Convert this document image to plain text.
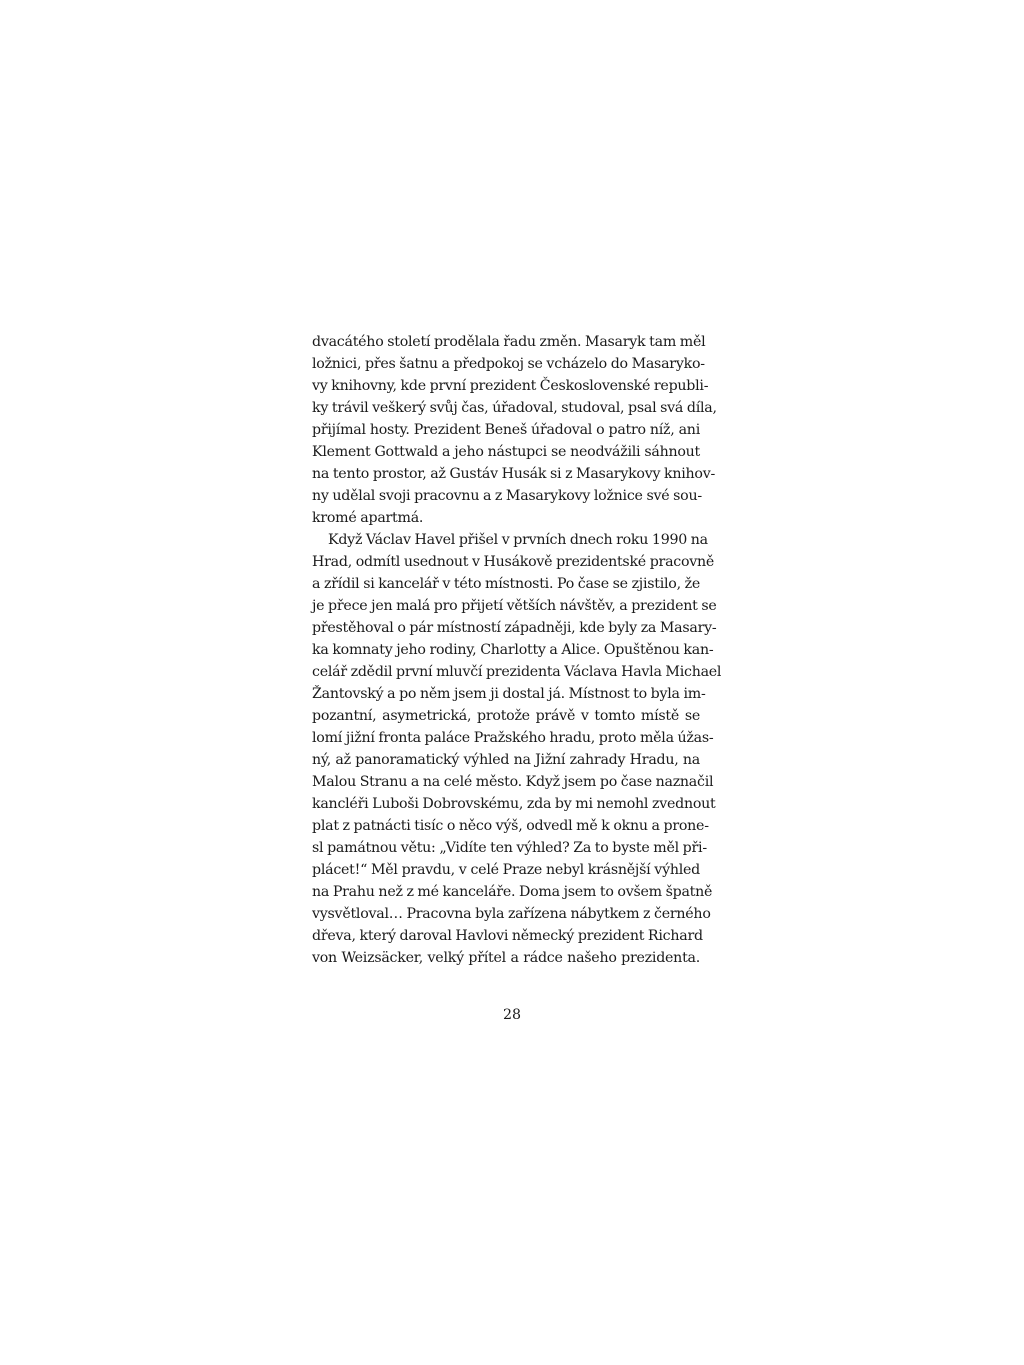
dvacátého století prodělala řadu změn. Masaryk tam měl
ložnici, přes šatnu a předpokoj se vcházelo do Masaryko-
vy knihovny, kde první prezident Československé republi-
ky trávil veškerý svůj čas, úřadoval, studoval, psal svá díla,
přijímal hosty. Prezident Beneš úřadoval o patro níž, ani
Klement Gottwald a jeho nástupci se neodvážili sáhnout
na tento prostor, až Gustáv Husák si z Masarykovy knihov-
ny udělal svoji pracovnu a z Masarykovy ložnice své sou-
kromé apartmá.
Když Václav Havel přišel v prvních dnech roku 1990 na
Hrad, odmítl usednout v Husákově prezidentské pracovně
a zřídil si kancelář v této místnosti. Po čase se zjistilo, že
je přece jen malá pro přijetí větších návštěv, a prezident se
přestěhoval o pár místností západněji, kde byly za Masary-
ka komnaty jeho rodiny, Charlotty a Alice. Opuštěnou kan-
celář zdědil první mluvčí prezidenta Václava Havla Michael
Žantovský a po něm jsem ji dostal já. Místnost to byla im-
pozantní, asymetrická, protože právě v tomto místě se
lomí jižní fronta paláce Pražského hradu, proto měla úžas-
ný, až panoramatický výhled na Jižní zahrady Hradu, na
Malou Stranu a na celé město. Když jsem po čase naznačil
kancléři Luboši Dobrovskému, zda by mi nemohl zvednout
plat z patnácti tisíc o něco výš, odvedl mě k oknu a prone-
sl památnou větu: „Vidíte ten výhled? Za to byste měl při-
plácet!“ Měl pravdu, v celé Praze nebyl krásnější výhled
na Prahu než z mé kanceláře. Doma jsem to ovšem špatně
vysvětloval… Pracovna byla zařízena nábytkem z černého
dřeva, který daroval Havlovi německý prezident Richard
von Weizsäcker, velký přítel a rádce našeho prezidenta.
28
